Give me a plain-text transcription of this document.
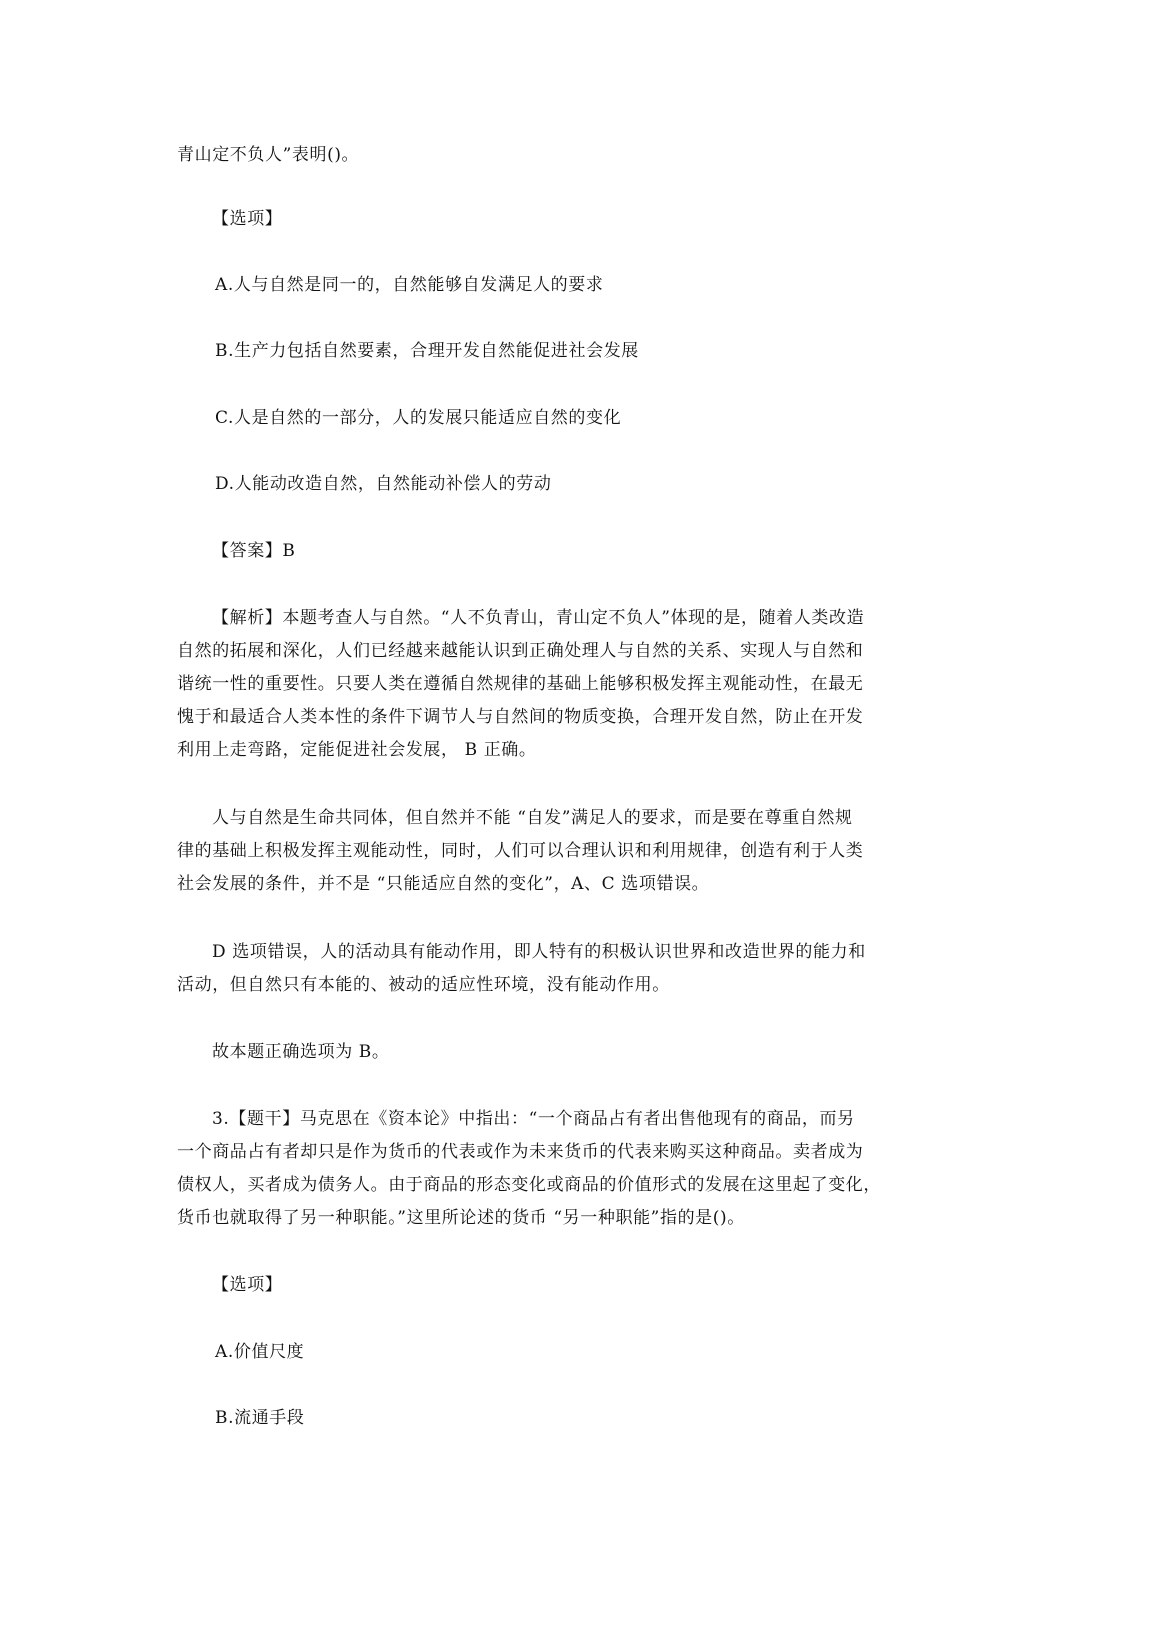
青山定不负人”表明()。
【选项】
A.人与自然是同一的，自然能够自发满足人的要求
B.生产力包括自然要素，合理开发自然能促进社会发展
C.人是自然的一部分，人的发展只能适应自然的变化
D.人能动改造自然，自然能动补偿人的劳动
【答案】B
【解析】本题考查人与自然。“人不负青山，青山定不负人”体现的是，随着人类改造
自然的拓展和深化，人们已经越来越能认识到正确处理人与自然的关系、实现人与自然和
谐统一性的重要性。只要人类在遵循自然规律的基础上能够积极发挥主观能动性，在最无
愧于和最适合人类本性的条件下调节人与自然间的物质变换，合理开发自然，防止在开发
利用上走弯路，定能促进社会发展， B 正确。
人与自然是生命共同体，但自然并不能 “自发”满足人的要求，而是要在尊重自然规
律的基础上积极发挥主观能动性，同时，人们可以合理认识和利用规律，创造有利于人类
社会发展的条件，并不是 “只能适应自然的变化”，A、C 选项错误。
D 选项错误，人的活动具有能动作用，即人特有的积极认识世界和改造世界的能力和
活动，但自然只有本能的、被动的适应性环境，没有能动作用。
故本题正确选项为 B。
3.【题干】马克思在《资本论》中指出：“一个商品占有者出售他现有的商品，而另
一个商品占有者却只是作为货币的代表或作为未来货币的代表来购买这种商品。卖者成为
债权人，买者成为债务人。由于商品的形态变化或商品的价值形式的发展在这里起了变化，
货币也就取得了另一种职能。”这里所论述的货币 “另一种职能”指的是()。
【选项】
A.价值尺度
B.流通手段
